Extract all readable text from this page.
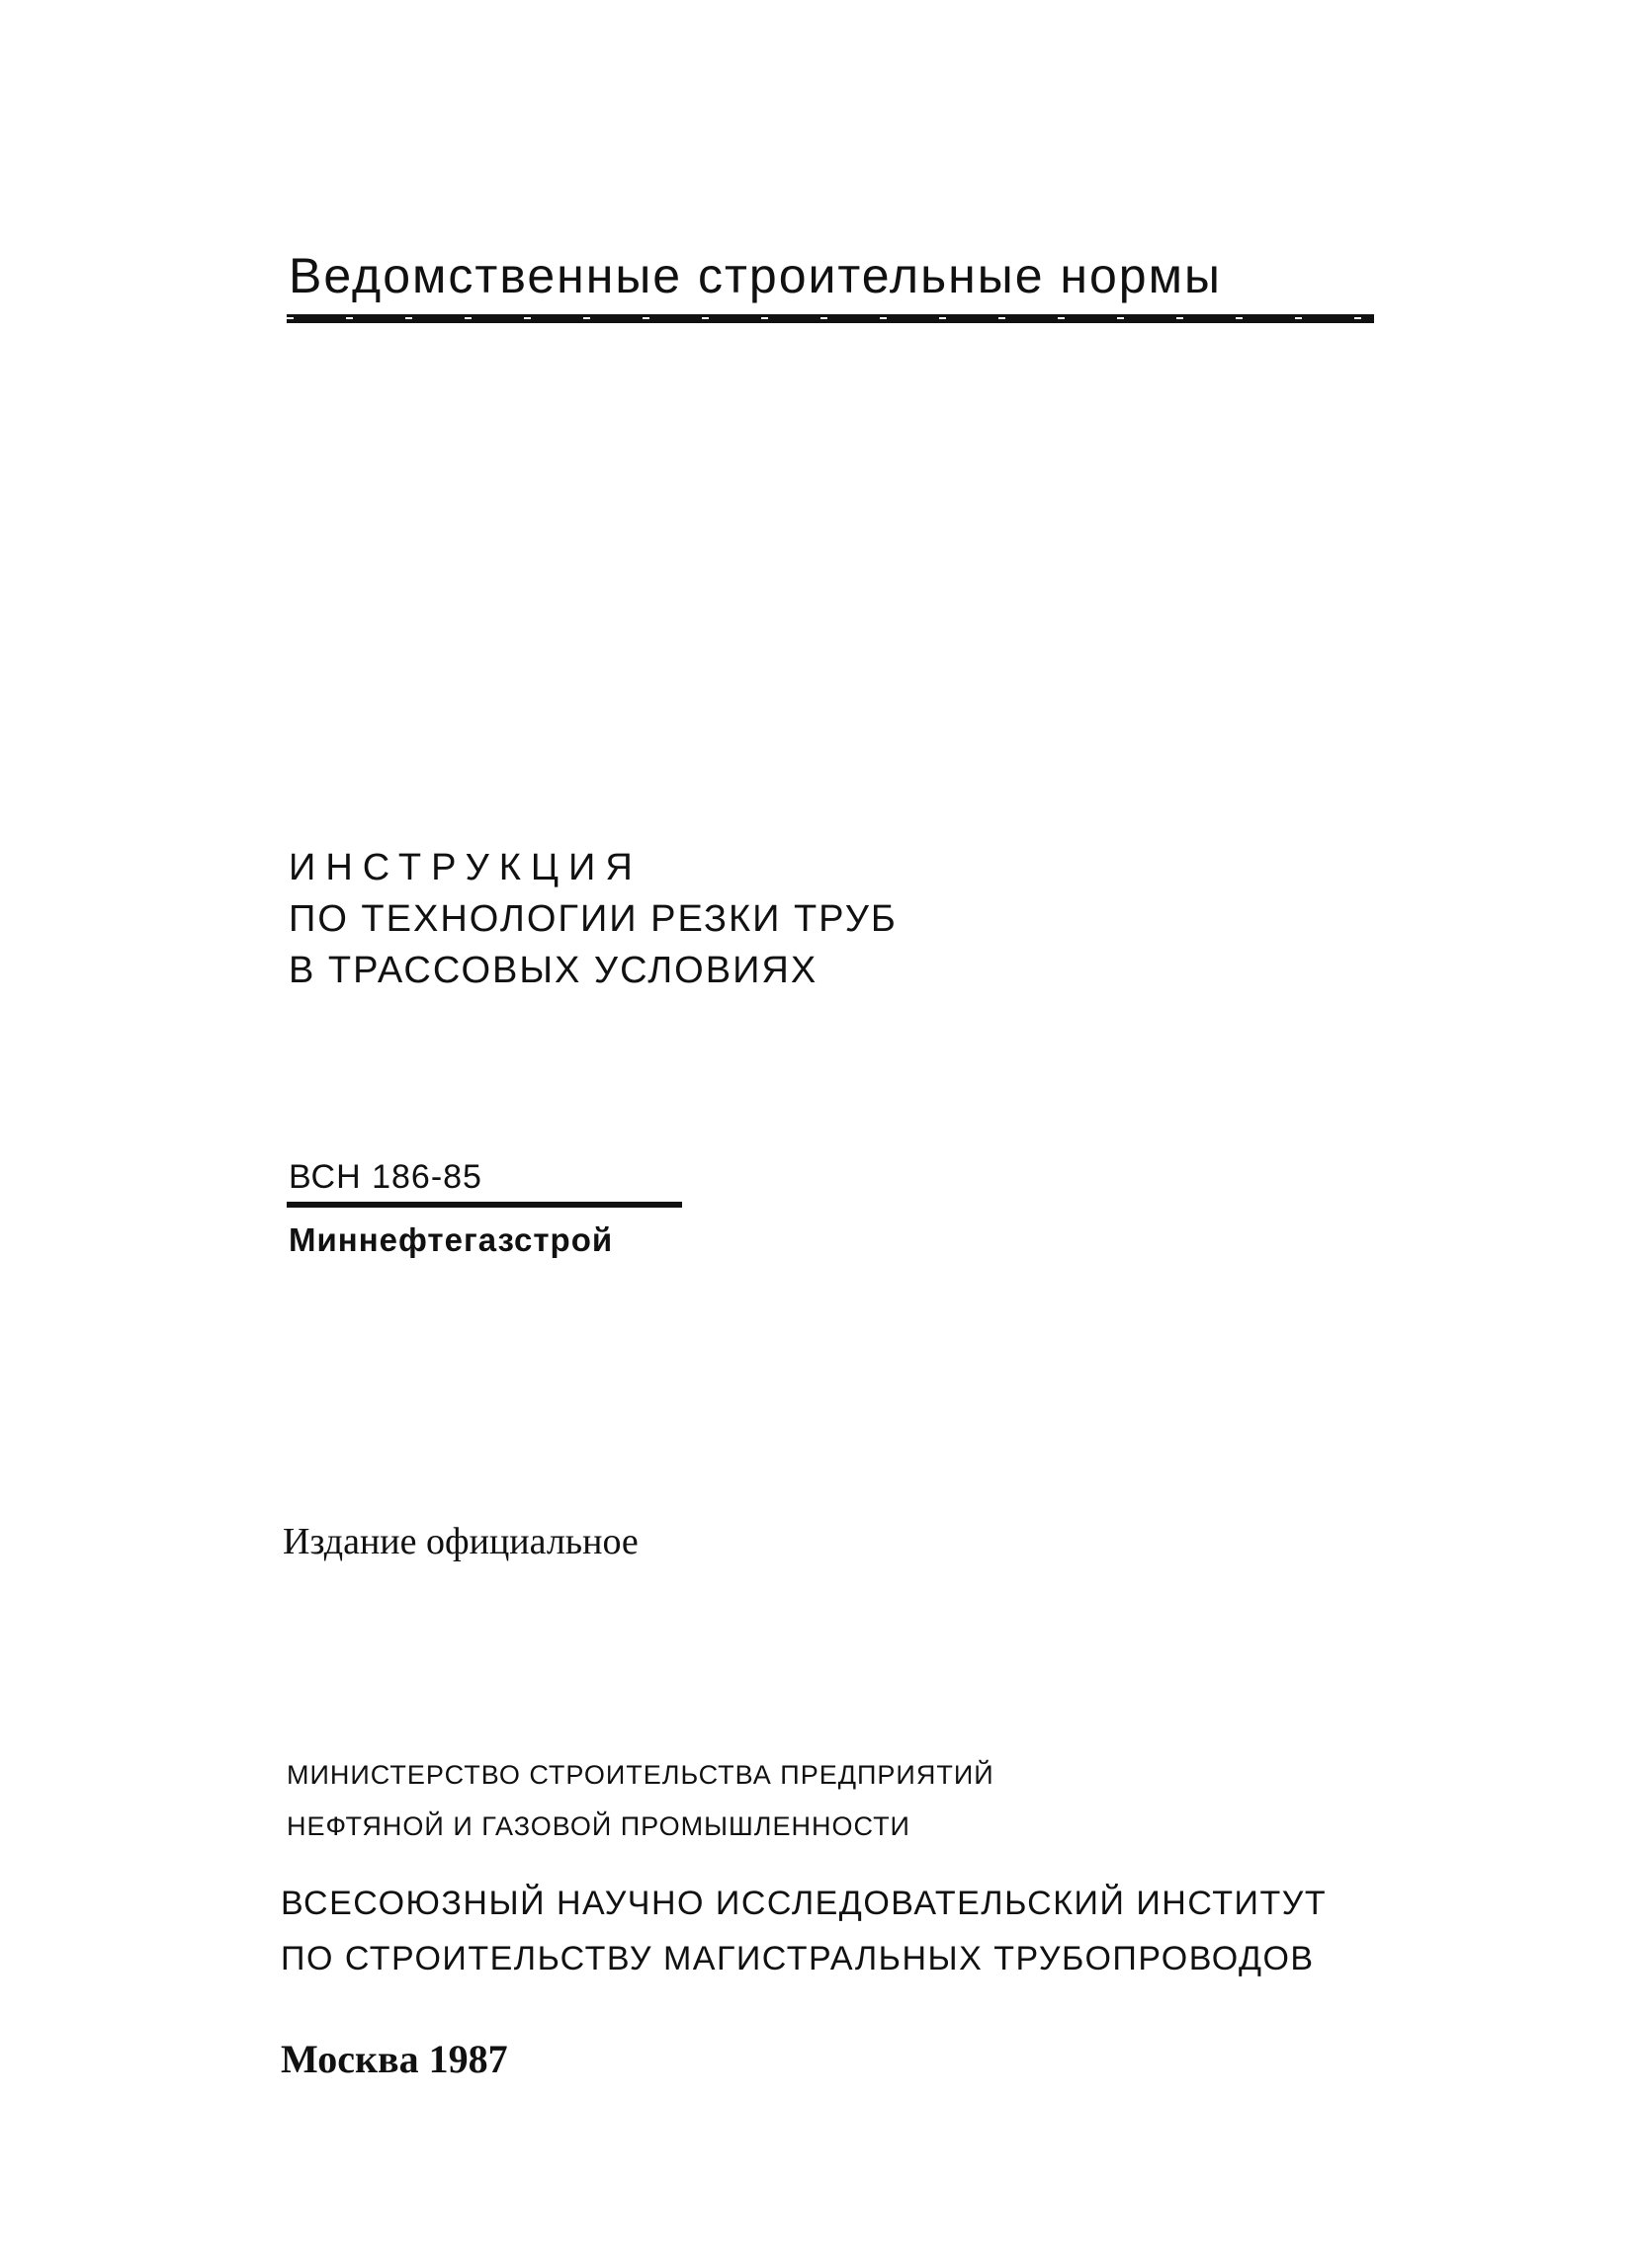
Ведомственные строительные нормы
ИНСТРУКЦИЯ
ПО ТЕХНОЛОГИИ РЕЗКИ ТРУБ
В ТРАССОВЫХ УСЛОВИЯХ
ВСН 186-85
Миннефтегазстрой
Издание официальное
МИНИСТЕРСТВО СТРОИТЕЛЬСТВА ПРЕДПРИЯТИЙ
НЕФТЯНОЙ И ГАЗОВОЙ ПРОМЫШЛЕННОСТИ
ВСЕСОЮЗНЫЙ НАУЧНО ИССЛЕДОВАТЕЛЬСКИЙ ИНСТИТУТ
ПО СТРОИТЕЛЬСТВУ МАГИСТРАЛЬНЫХ ТРУБОПРОВОДОВ
Москва 1987
